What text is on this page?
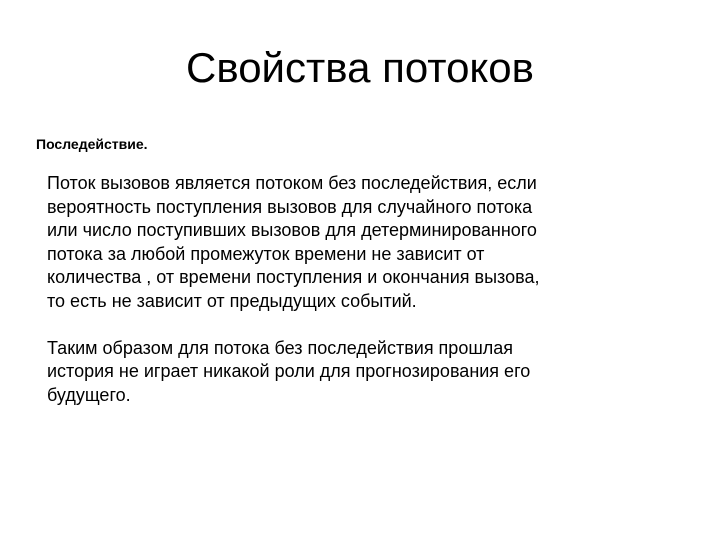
Свойства потоков
Последействие.

Поток вызовов является потоком без последействия, если
вероятность поступления вызовов для случайного потока
или число поступивших вызовов для детерминированного
потока за любой промежуток времени не зависит от
количества , от времени поступления и окончания вызова,
то есть не зависит от предыдущих событий.

Таким образом для потока без последействия прошлая
история не играет никакой роли для прогнозирования его
будущего.
